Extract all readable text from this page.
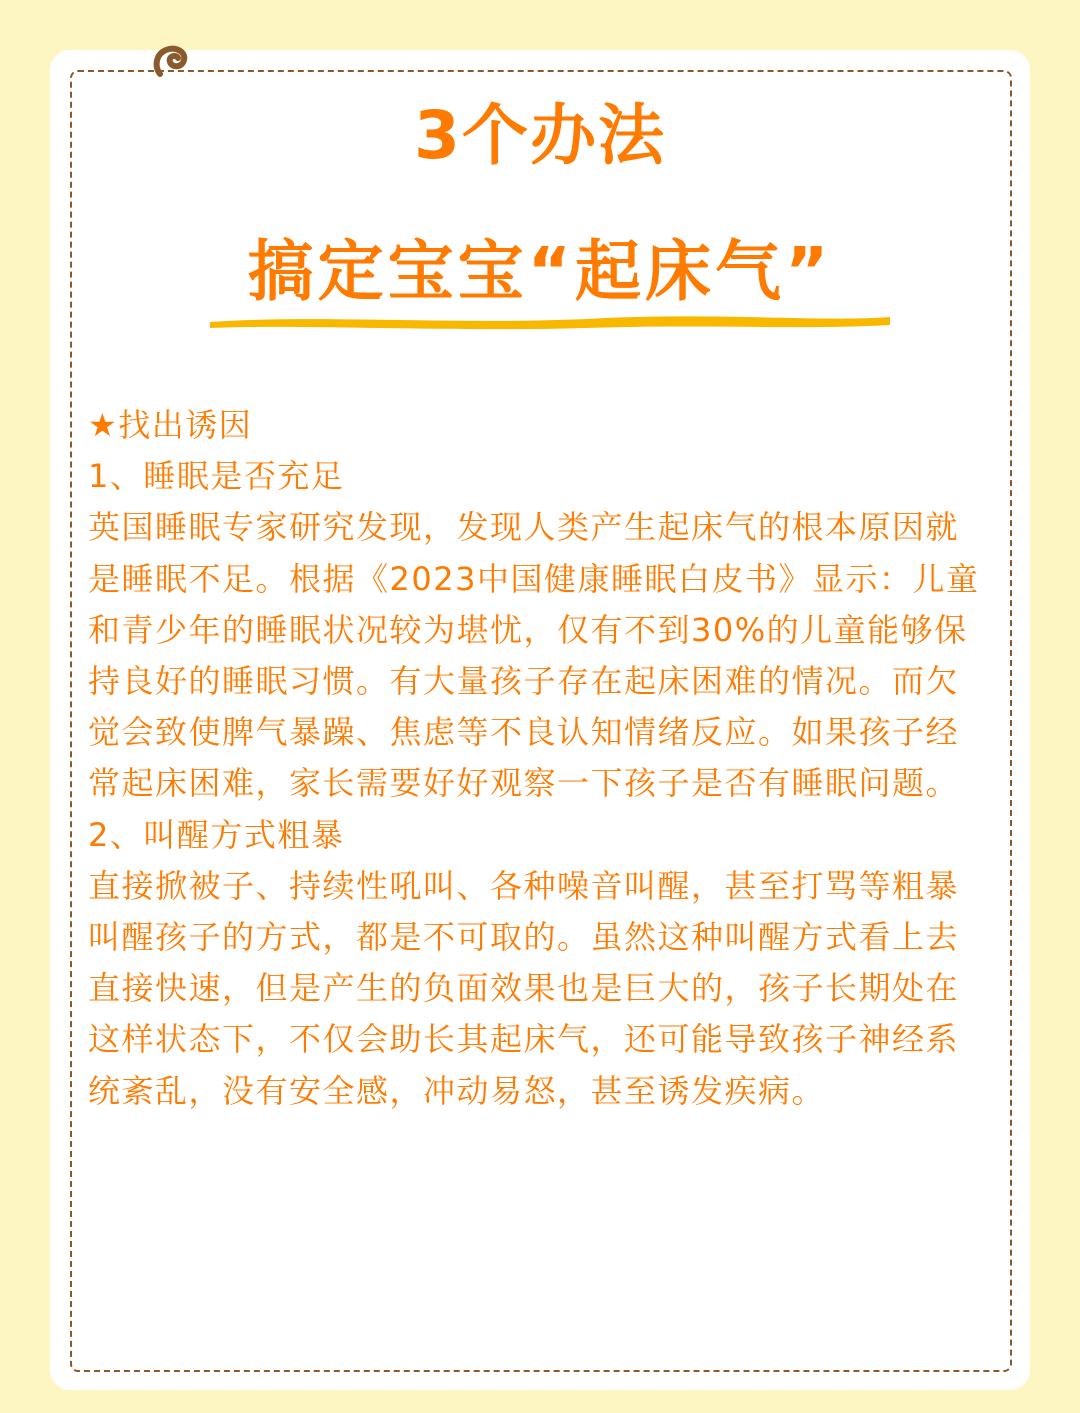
3个办法
搞定宝宝“起床气”

★找出诱因

1、睡眠是否充足

英国睡眠专家研究发现，发现人类产生起床气的根本原因就是睡眠不足。根据《2023中国健康睡眠白皮书》显示：儿童和青少年的睡眠状况较为堪忧，仅有不到30%的儿童能够保持良好的睡眠习惯。有大量孩子存在起床困难的情况。而欠觉会致使脾气暴躁、焦虑等不良认知情绪反应。如果孩子经常起床困难，家长需要好好观察一下孩子是否有睡眠问题。

2、叫醒方式粗暴

直接掀被子、持续性吼叫、各种噪音叫醒，甚至打骂等粗暴叫醒孩子的方式，都是不可取的。虽然这种叫醒方式看上去直接快速，但是产生的负面效果也是巨大的，孩子长期处在这样状态下，不仅会助长其起床气，还可能导致孩子神经系统紊乱，没有安全感，冲动易怒，甚至诱发疾病。
